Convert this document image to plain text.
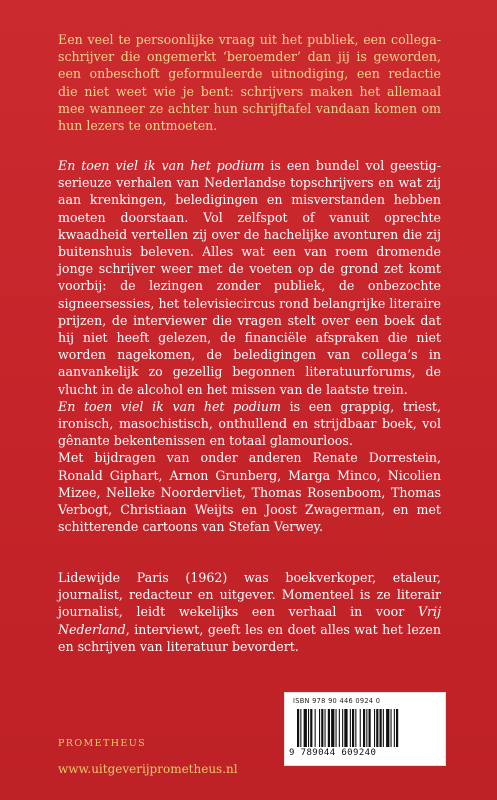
Een veel te persoonlijke vraag uit het publiek, een collega-schrijver die ongemerkt ‘beroemder’ dan jij is geworden, een onbeschoft geformuleerde uitnodiging, een redactie die niet weet wie je bent: schrijvers maken het allemaal mee wanneer ze achter hun schrijftafel vandaan komen om hun lezers te ontmoeten.

En toen viel ik van het podium is een bundel vol geestig-serieuze verhalen van Nederlandse topschrijvers en wat zij aan krenkingen, beledigingen en misverstanden hebben moeten doorstaan. Vol zelfspot of vanuit oprechte kwaadheid vertellen zij over de hachelijke avonturen die zij buitenshuis beleven. Alles wat een van roem dromende jonge schrijver weer met de voeten op de grond zet komt voorbij: de lezingen zonder publiek, de onbezochte signeersessies, het televisiecircus rond belangrijke literaire prijzen, de interviewer die vragen stelt over een boek dat hij niet heeft gelezen, de financiële afspraken die niet worden nagekomen, de beledigingen van collega’s in aanvankelijk zo gezellig begonnen literatuurforums, de vlucht in de alcohol en het missen van de laatste trein.

En toen viel ik van het podium is een grappig, triest, ironisch, masochistisch, onthullend en strijdbaar boek, vol gênante bekentenissen en totaal glamourloos.

Met bijdragen van onder anderen Renate Dorrestein, Ronald Giphart, Arnon Grunberg, Marga Minco, Nicolien Mizee, Nelleke Noordervliet, Thomas Rosenboom, Thomas Verbogt, Christiaan Weijts en Joost Zwagerman, en met schitterende cartoons van Stefan Verwey.

Lidewijde Paris (1962) was boekverkoper, etaleur, journalist, redacteur en uitgever. Momenteel is ze literair journalist, leidt wekelijks een verhaal in voor Vrij Nederland, interviewt, geeft les en doet alles wat het lezen en schrijven van literatuur bevordert.

ISBN 978 90 446 0924 0
9 789044 609240
PROMETHEUS
www.uitgeverijprometheus.nl
